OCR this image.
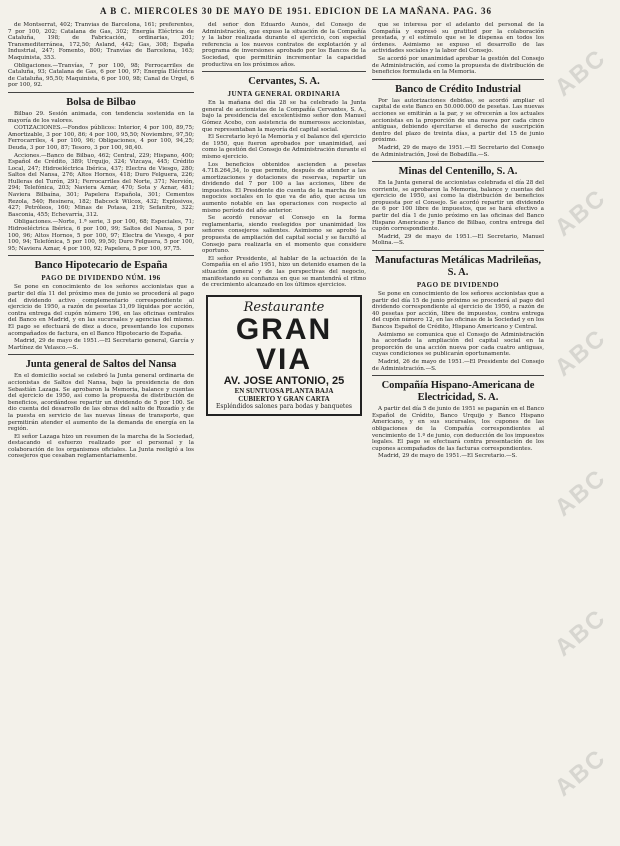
A B C. MIERCOLES 30 DE MAYO DE 1951. EDICION DE LA MAÑANA. PAG. 36

de Montserrat, 402; Tranvías de Barcelona, 161; preferentes, 7 por 100, 202; Catalana de Gas, 302; Energía Eléctrica de Cataluña, 198; de Fabricación, ordinarias, 201; Transmediterránea, 172,50; Asland, 442; Gas, 308; España Industrial, 247; Fomento, 800; Tranvías de Barcelona, 163; Maquinista, 353.

Obligaciones.—Tranvías, 7 por 100, 98; Ferrocarriles de Cataluña, 93; Catalana de Gas, 6 por 100, 97; Energía Eléctrica de Cataluña, 95,50; Maquinista, 6 por 100, 98; Canal de Urgel, 6 por 100, 92.

Bolsa de Bilbao

Bilbao 29. Sesión animada, con tendencia sostenida en la mayoría de los valores.

COTIZACIONES.—Fondos públicos: Interior, 4 por 100, 89,75; Amortizable, 3 por 100, 86; 4 por 100, 95,50; Noviembre, 97,50; Ferrocarriles, 4 por 100, 96; Obligaciones, 4 por 100, 94,25; Deuda, 3 por 100, 87; Tesoro, 3 por 100, 98,40.

Acciones.—Banco de Bilbao, 462; Central, 229; Hispano, 400; Español de Crédito, 389; Urquijo, 324; Vizcaya, 445; Crédito Local, 247; Hidroeléctrica Ibérica, 437; Electra de Viesgo, 280; Saltos del Nansa, 276; Altos Hornos, 418; Duro Felguera, 226; Hulleras del Turón, 291; Ferrocarriles del Norte, 371; Nervión, 294; Telefónica, 203; Naviera Aznar, 470; Sota y Aznar, 481; Naviera Bilbaína, 301; Papelera Española, 301; Cementos Rezola, 540; Resinera, 182; Babcock Wilcox, 432; Explosivos, 427; Petróleos, 160; Minas de Potasa, 219; Sefanitro, 322; Basconia, 455; Echevarría, 312.

Obligaciones.—Norte, 1.ª serie, 3 por 100, 68; Especiales, 71; Hidroeléctrica Ibérica, 6 por 100, 99; Saltos del Nansa, 5 por 100, 96; Altos Hornos, 5 por 100, 97; Electra de Viesgo, 4 por 100, 94; Telefónica, 5 por 100, 99,50; Duro Felguera, 5 por 100, 95; Naviera Aznar, 4 por 100, 92; Papelera, 5 por 100, 97,75.

Banco Hipotecario de España
PAGO DE DIVIDENDO NÚM. 196

Se pone en conocimiento de los señores accionistas que a partir del día 11 del próximo mes de junio se procederá al pago del dividendo activo complementario correspondiente al ejercicio de 1950, a razón de pesetas 31,09 líquidas por acción, contra entrega del cupón número 196, en las oficinas centrales del Banco en Madrid, y en las sucursales y agencias del mismo. El pago se efectuará de diez a doce, presentando los cupones acompañados de factura, en el Banco Hipotecario de España.

Madrid, 29 de mayo de 1951.—El Secretario general, García y Martínez de Velasco.—S.

Junta general de Saltos del Nansa

En el domicilio social se celebró la Junta general ordinaria de accionistas de Saltos del Nansa, bajo la presidencia de don Sebastián Lazaga. Se aprobaron la Memoria, balance y cuentas del ejercicio de 1950, así como la propuesta de distribución de beneficios, acordándose repartir un dividendo de 5 por 100. Se dio cuenta del desarrollo de las obras del salto de Rozadío y de la puesta en servicio de las nuevas líneas de transporte, que permitirán atender el aumento de la demanda de energía en la región.

El señor Lazaga hizo un resumen de la marcha de la Sociedad, destacando el esfuerzo realizado por el personal y la colaboración de los organismos oficiales. La Junta reeligió a los consejeros que cesaban reglamentariamente.

del señor don Eduardo Aunós, del Consejo de Administración, que expuso la situación de la Compañía y la labor realizada durante el ejercicio, con especial referencia a los nuevos contratos de explotación y al programa de inversiones aprobado por los Bancos de la Sociedad, que permitirán incrementar la capacidad productiva en los próximos años.

Cervantes, S. A.
JUNTA GENERAL ORDINARIA

En la mañana del día 28 se ha celebrado la Junta general de accionistas de la Compañía Cervantes, S. A., bajo la presidencia del excelentísimo señor don Manuel Gómez Acebo, con asistencia de numerosos accionistas, que representaban la mayoría del capital social.

El Secretario leyó la Memoria y el balance del ejercicio de 1950, que fueron aprobados por unanimidad, así como la gestión del Consejo de Administración durante el mismo ejercicio.

Los beneficios obtenidos ascienden a pesetas 4.718.264,34, lo que permite, después de atender a las amortizaciones y dotaciones de reservas, repartir un dividendo del 7 por 100 a las acciones, libre de impuestos. El Presidente dio cuenta de la marcha de los negocios sociales en lo que va de año, que acusa un aumento notable en las operaciones con respecto al mismo período del año anterior.

Se acordó renovar el Consejo en la forma reglamentaria, siendo reelegidos por unanimidad los señores consejeros salientes. Asimismo se aprobó la propuesta de ampliación del capital social y se facultó al Consejo para realizarla en el momento que considere oportuno.

El señor Presidente, al hablar de la actuación de la Compañía en el año 1951, hizo un detenido examen de la situación general y de las perspectivas del negocio, manifestando su confianza en que se mantendrá el ritmo de crecimiento alcanzado en los últimos ejercicios.

Restaurante
GRAN VIA
AV. JOSE ANTONIO, 25
EN SUNTUOSA PLANTA BAJA
CUBIERTO Y GRAN CARTA
Espléndidos salones para bodas y banquetes

que se interesa por el adelanto del personal de la Compañía y expresó su gratitud por la colaboración prestada, y el estímulo que se le dispensa en todos los órdenes. Asimismo se expuso el desarrollo de las actividades sociales y la labor del Consejo.

Se acordó por unanimidad aprobar la gestión del Consejo de Administración, así como la propuesta de distribución de beneficios formulada en la Memoria.

Banco de Crédito Industrial

Por las autorizaciones debidas, se acordó ampliar el capital de este Banco en 50.000.000 de pesetas. Las nuevas acciones se emitirán a la par, y se ofrecerán a los actuales accionistas en la proporción de una nueva por cada cinco antiguas, debiendo ejercitarse el derecho de suscripción dentro del plazo de treinta días, a partir del 15 de junio próximo.

Madrid, 29 de mayo de 1951.—El Secretario del Consejo de Administración, José de Bobadilla.—S.

Minas del Centenillo, S. A.

En la Junta general de accionistas celebrada el día 28 del corriente, se aprobaron la Memoria, balance y cuentas del ejercicio de 1950, así como la distribución de beneficios propuesta por el Consejo. Se acordó repartir un dividendo de 6 por 100 libre de impuestos, que se hará efectivo a partir del día 1 de junio próximo en las oficinas del Banco Hispano Americano y Banco de Bilbao, contra entrega del cupón correspondiente.

Madrid, 29 de mayo de 1951.—El Secretario, Manuel Molina.—S.

Manufacturas Metálicas Madrileñas, S. A.
PAGO DE DIVIDENDO

Se pone en conocimiento de los señores accionistas que a partir del día 15 de junio próximo se procederá al pago del dividendo correspondiente al ejercicio de 1950, a razón de 40 pesetas por acción, libre de impuestos, contra entrega del cupón número 12, en las oficinas de la Sociedad y en los Bancos Español de Crédito, Hispano Americano y Central.

Asimismo se comunica que el Consejo de Administración ha acordado la ampliación del capital social en la proporción de una acción nueva por cada cuatro antiguas, cuyas condiciones se publicarán oportunamente.

Madrid, 26 de mayo de 1951.—El Presidente del Consejo de Administración.—S.

Compañía Hispano-Americana de Electricidad, S. A.

A partir del día 5 de junio de 1951 se pagarán en el Banco Español de Crédito, Banco Urquijo y Banco Hispano Americano, y en sus sucursales, los cupones de las obligaciones de la Compañía correspondientes al vencimiento de 1.º de junio, con deducción de los impuestos legales. El pago se efectuará contra presentación de los cupones acompañados de las facturas correspondientes.

Madrid, 29 de mayo de 1951.—El Secretario.—S.

ABC
ABC
ABC
ABC
ABC
ABC
